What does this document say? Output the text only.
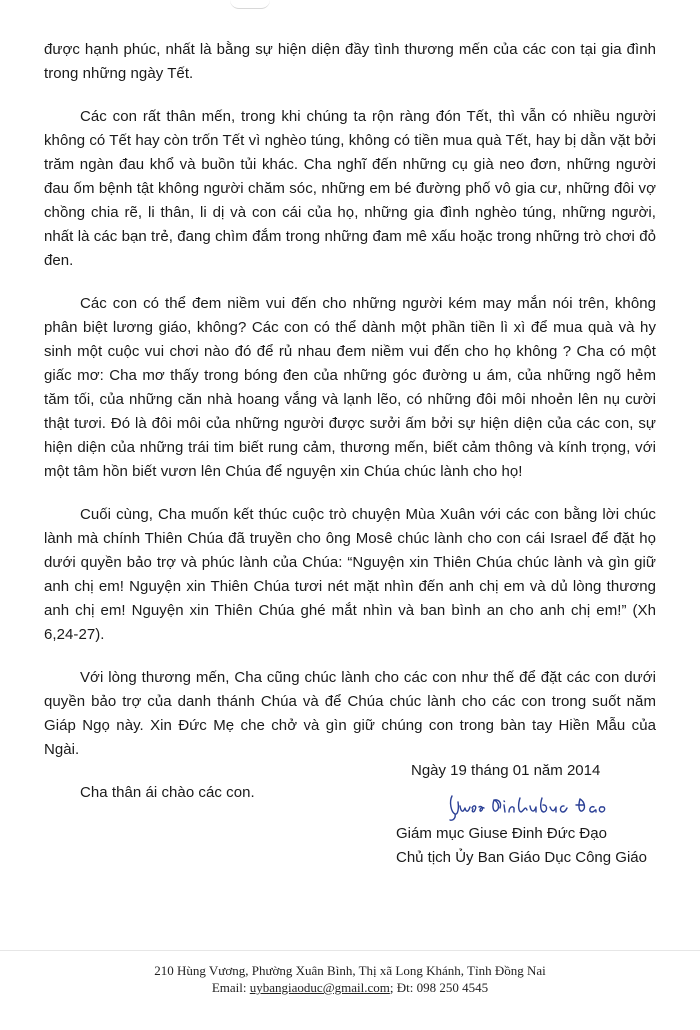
được hạnh phúc, nhất là bằng sự hiện diện đầy tình thương mến của các con tại gia đình trong những ngày Tết.

Các con rất thân mến, trong khi chúng ta rộn ràng đón Tết, thì vẫn có nhiều người không có Tết hay còn trốn Tết vì nghèo túng, không có tiền mua quà Tết, hay bị dằn vặt bởi trăm ngàn đau khổ và buồn tủi khác. Cha nghĩ đến những cụ già neo đơn, những người đau ốm bệnh tật không người chăm sóc, những em bé đường phố vô gia cư, những đôi vợ chồng chia rẽ, li thân, li dị và con cái của họ, những gia đình nghèo túng, những người, nhất là các bạn trẻ, đang chìm đắm trong những đam mê xấu hoặc trong những trò chơi đỏ đen.

Các con có thể đem niềm vui đến cho những người kém may mắn nói trên, không phân biệt lương giáo, không? Các con có thể dành một phần tiền lì xì để mua quà và hy sinh một cuộc vui chơi nào đó để rủ nhau đem niềm vui đến cho họ không ? Cha có một giấc mơ: Cha mơ thấy trong bóng đen của những góc đường u ám, của những ngõ hẻm tăm tối, của những căn nhà hoang vắng và lạnh lẽo, có những đôi môi nhoẻn lên nụ cười thật tươi. Đó là đôi môi của những người được sưởi ấm bởi sự hiện diện của các con, sự hiện diện của những trái tim biết rung cảm, thương mến, biết cảm thông và kính trọng, với một tâm hồn biết vươn lên Chúa để nguyện xin Chúa chúc lành cho họ!

Cuối cùng, Cha muốn kết thúc cuộc trò chuyện Mùa Xuân với các con bằng lời chúc lành mà chính Thiên Chúa đã truyền cho ông Mosê chúc lành cho con cái Israel để đặt họ dưới quyền bảo trợ và phúc lành của Chúa: “Nguyện xin Thiên Chúa chúc lành và gìn giữ anh chị em! Nguyện xin Thiên Chúa tươi nét mặt nhìn đến anh chị em và dủ lòng thương anh chị em! Nguyện xin Thiên Chúa ghé mắt nhìn và ban bình an cho anh chị em!” (Xh 6,24-27).

Với lòng thương mến, Cha cũng chúc lành cho các con như thế để đặt các con dưới quyền bảo trợ của danh thánh Chúa và để Chúa chúc lành cho các con trong suốt năm Giáp Ngọ này. Xin Đức Mẹ che chở và gìn giữ chúng con trong bàn tay Hiền Mẫu của Ngài.

Cha thân ái chào các con.

Ngày 19 tháng 01 năm 2014
Giám mục Giuse Đinh Đức Đạo
Chủ tịch Ủy Ban Giáo Dục Công Giáo
210 Hùng Vương, Phường Xuân Bình, Thị xã Long Khánh, Tỉnh Đồng Nai
Email: uybangiaoduc@gmail.com; Đt: 098 250 4545
